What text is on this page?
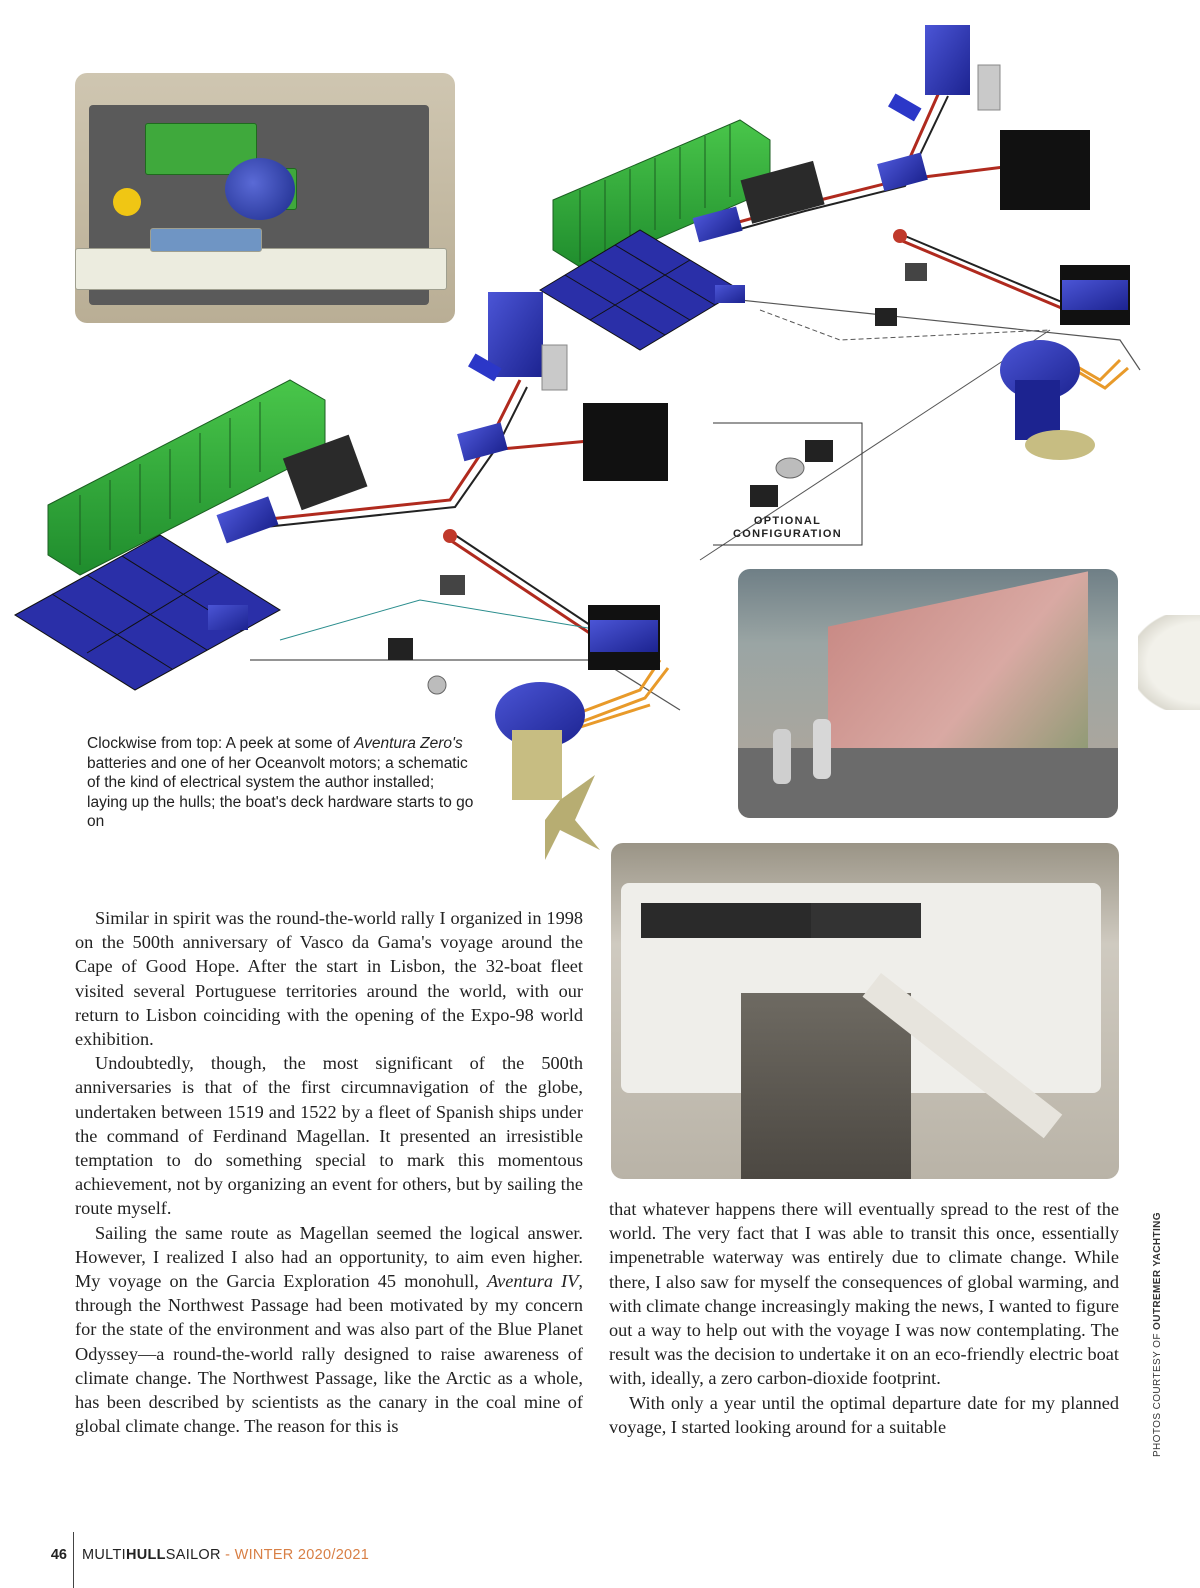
OPTIONAL
CONFIGURATION
Clockwise from top: A peek at some of Aventura Zero's batteries and one of her Oceanvolt motors; a schematic of the kind of electrical system the author installed; laying up the hulls; the boat's deck hardware starts to go on

Similar in spirit was the round-the-world rally I organized in 1998 on the 500th anniversary of Vasco da Gama's voyage around the Cape of Good Hope. After the start in Lisbon, the 32-boat fleet visited several Portuguese territories around the world, with our return to Lisbon coinciding with the opening of the Expo-98 world exhibition.

Undoubtedly, though, the most significant of the 500th anniversaries is that of the first circumnavigation of the globe, undertaken between 1519 and 1522 by a fleet of Spanish ships under the command of Ferdinand Magellan. It presented an irresistible temptation to do something special to mark this momentous achievement, not by organizing an event for others, but by sailing the route myself.

Sailing the same route as Magellan seemed the logical answer. However, I realized I also had an opportunity, to aim even higher. My voyage on the Garcia Exploration 45 monohull, Aventura IV, through the Northwest Passage had been motivated by my concern for the state of the environment and was also part of the Blue Planet Odyssey—a round-the-world rally designed to raise awareness of climate change. The Northwest Passage, like the Arctic as a whole, has been described by scientists as the canary in the coal mine of global climate change. The reason for this is

that whatever happens there will eventually spread to the rest of the world. The very fact that I was able to transit this once, essentially impenetrable waterway was entirely due to climate change. While there, I also saw for myself the consequences of global warming, and with climate change increasingly making the news, I wanted to figure out a way to help out with the voyage I was now contemplating. The result was the decision to undertake it on an eco-friendly electric boat with, ideally, a zero carbon-dioxide footprint.

With only a year until the optimal departure date for my planned voyage, I started looking around for a suitable	PHOTOS COURTESY OF OUTREMER YACHTING
46 MULTIHULLSAILOR - WINTER 2020/2021
